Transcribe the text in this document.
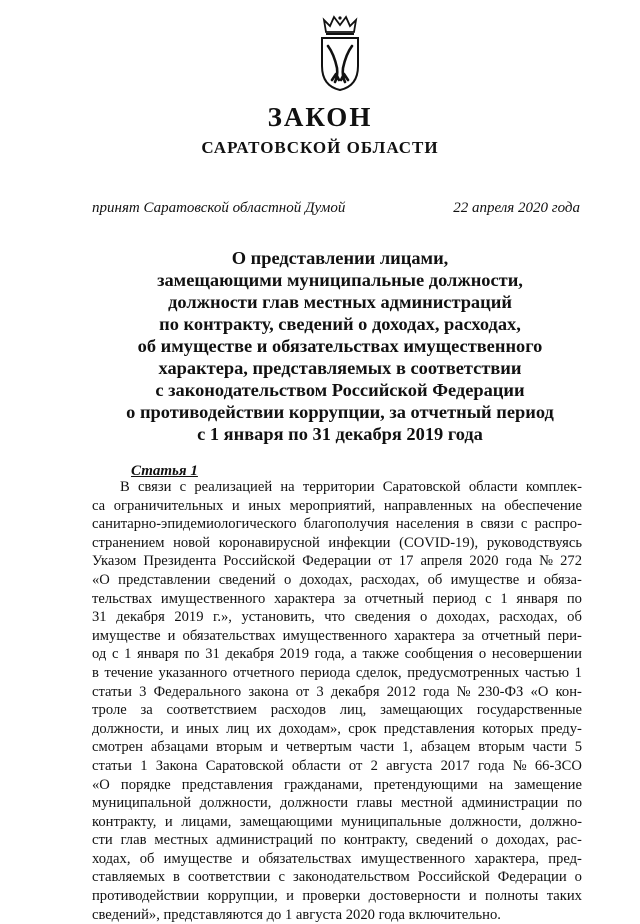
ЗАКОН
САРАТОВСКОЙ ОБЛАСТИ
принят Саратовской областной Думой	22 апреля 2020 года
О представлении лицами,
замещающими муниципальные должности,
должности глав местных администраций
по контракту, сведений о доходах, расходах,
об имуществе и обязательствах имущественного
характера, представляемых в соответствии
с законодательством Российской Федерации
о противодействии коррупции, за отчетный период
с 1 января по 31 декабря 2019 года
Статья 1
В связи с реализацией на территории Саратовской области комплек-
са ограничительных и иных мероприятий, направленных на обеспечение
санитарно-эпидемиологического благополучия населения в связи с распро-
странением новой коронавирусной инфекции (COVID-19), руководствуясь
Указом Президента Российской Федерации от 17 апреля 2020 года № 272
«О представлении сведений о доходах, расходах, об имуществе и обяза-
тельствах имущественного характера за отчетный период с 1 января по
31 декабря 2019 г.», установить, что сведения о доходах, расходах, об
имуществе и обязательствах имущественного характера за отчетный пери-
од с 1 января по 31 декабря 2019 года, а также сообщения о несовершении
в течение указанного отчетного периода сделок, предусмотренных частью 1
статьи 3 Федерального закона от 3 декабря 2012 года № 230-ФЗ «О кон-
троле за соответствием расходов лиц, замещающих государственные
должности, и иных лиц их доходам», срок представления которых преду-
смотрен абзацами вторым и четвертым части 1, абзацем вторым части 5
статьи 1 Закона Саратовской области от 2 августа 2017 года № 66-ЗСО
«О порядке представления гражданами, претендующими на замещение
муниципальной должности, должности главы местной администрации по
контракту, и лицами, замещающими муниципальные должности, должно-
сти глав местных администраций по контракту, сведений о доходах, рас-
ходах, об имуществе и обязательствах имущественного характера, пред-
ставляемых в соответствии с законодательством Российской Федерации о
противодействии коррупции, и проверки достоверности и полноты таких
сведений», представляются до 1 августа 2020 года включительно.
